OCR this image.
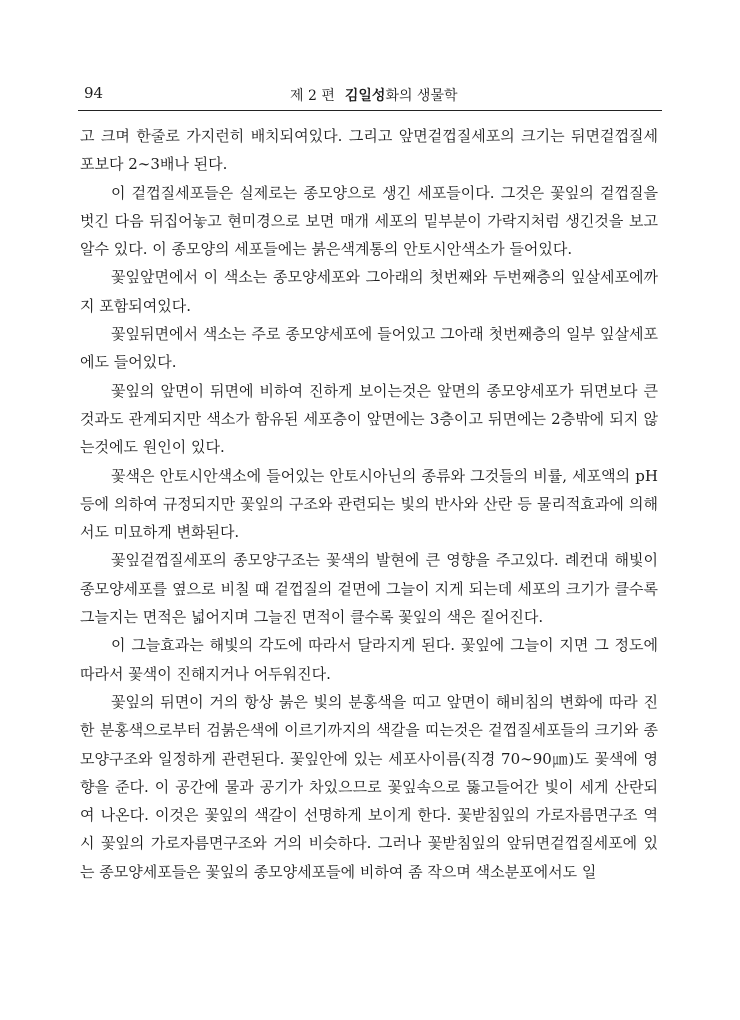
94	제 2 편 김일성화의 생물학

고 크며 한줄로 가지런히 배치되여있다. 그리고 앞면겉껍질세포의 크기는 뒤면겉껍질세포보다 2∼3배나 된다.

이 겉껍질세포들은 실제로는 종모양으로 생긴 세포들이다. 그것은 꽃잎의 겉껍질을 벗긴 다음 뒤집어놓고 현미경으로 보면 매개 세포의 밑부분이 가락지처럼 생긴것을 보고 알수 있다. 이 종모양의 세포들에는 붉은색계통의 안토시안색소가 들어있다.

꽃잎앞면에서 이 색소는 종모양세포와 그아래의 첫번째와 두번째층의 잎살세포에까지 포함되여있다.

꽃잎뒤면에서 색소는 주로 종모양세포에 들어있고 그아래 첫번째층의 일부 잎살세포에도 들어있다.

꽃잎의 앞면이 뒤면에 비하여 진하게 보이는것은 앞면의 종모양세포가 뒤면보다 큰것과도 관계되지만 색소가 함유된 세포층이 앞면에는 3층이고 뒤면에는 2층밖에 되지 않는것에도 원인이 있다.

꽃색은 안토시안색소에 들어있는 안토시아닌의 종류와 그것들의 비률, 세포액의 pH 등에 의하여 규정되지만 꽃잎의 구조와 관련되는 빛의 반사와 산란 등 물리적효과에 의해서도 미묘하게 변화된다.

꽃잎겉껍질세포의 종모양구조는 꽃색의 발현에 큰 영향을 주고있다. 례컨대 해빛이 종모양세포를 옆으로 비칠 때 겉껍질의 겉면에 그늘이 지게 되는데 세포의 크기가 클수록 그늘지는 면적은 넓어지며 그늘진 면적이 클수록 꽃잎의 색은 짙어진다.

이 그늘효과는 해빛의 각도에 따라서 달라지게 된다. 꽃잎에 그늘이 지면 그 정도에 따라서 꽃색이 진해지거나 어두워진다.

꽃잎의 뒤면이 거의 항상 붉은 빛의 분홍색을 띠고 앞면이 해비침의 변화에 따라 진한 분홍색으로부터 검붉은색에 이르기까지의 색갈을 띠는것은 겉껍질세포들의 크기와 종모양구조와 일정하게 관련된다. 꽃잎안에 있는 세포사이름(직경 70∼90㎛)도 꽃색에 영향을 준다. 이 공간에 물과 공기가 차있으므로 꽃잎속으로 뚫고들어간 빛이 세게 산란되여 나온다. 이것은 꽃잎의 색갈이 선명하게 보이게 한다. 꽃받침잎의 가로자름면구조 역시 꽃잎의 가로자름면구조와 거의 비슷하다. 그러나 꽃받침잎의 앞뒤면겉껍질세포에 있는 종모양세포들은 꽃잎의 종모양세포들에 비하여 좀 작으며 색소분포에서도 일
